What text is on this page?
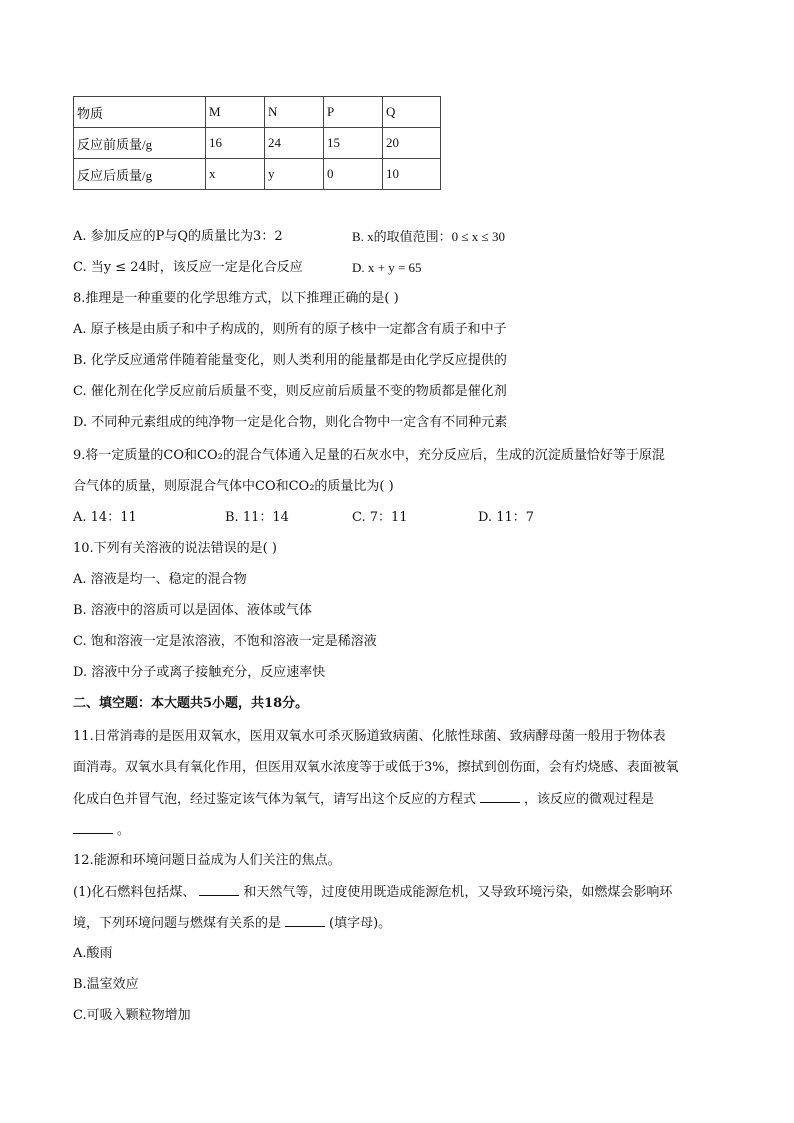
物质	M	N	P	Q
反应前质量/g	16	24	15	20
反应后质量/g	x	y	0	10
A. 参加反应的P与Q的质量比为3：2	B. x的取值范围：0 ≤ x ≤ 30
C. 当y ≤ 24时，该反应一定是化合反应	D. x + y = 65
8.推理是一种重要的化学思维方式，以下推理正确的是( )
A. 原子核是由质子和中子构成的，则所有的原子核中一定都含有质子和中子
B. 化学反应通常伴随着能量变化，则人类利用的能量都是由化学反应提供的
C. 催化剂在化学反应前后质量不变，则反应前后质量不变的物质都是催化剂
D. 不同种元素组成的纯净物一定是化合物，则化合物中一定含有不同种元素
9.将一定质量的CO和CO₂的混合气体通入足量的石灰水中，充分反应后，生成的沉淀质量恰好等于原混
合气体的质量，则原混合气体中CO和CO₂的质量比为( )
A. 14：11	B. 11：14	C. 7：11	D. 11：7
10.下列有关溶液的说法错误的是( )
A. 溶液是均一、稳定的混合物
B. 溶液中的溶质可以是固体、液体或气体
C. 饱和溶液一定是浓溶液，不饱和溶液一定是稀溶液
D. 溶液中分子或离子接触充分，反应速率快
二、填空题：本大题共5小题，共18分。
11.日常消毒的是医用双氧水，医用双氧水可杀灭肠道致病菌、化脓性球菌、致病酵母菌一般用于物体表
面消毒。双氧水具有氧化作用，但医用双氧水浓度等于或低于3%，擦拭到创伤面，会有灼烧感、表面被氧
化成白色并冒气泡，经过鉴定该气体为氧气，请写出这个反应的方程式	，该反应的微观过程是
。
12.能源和环境问题日益成为人们关注的焦点。
(1)化石燃料包括煤、	和天然气等，过度使用既造成能源危机，又导致环境污染，如燃煤会影响环
境，下列环境问题与燃煤有关系的是	(填字母)。
A.酸雨
B.温室效应
C.可吸入颗粒物增加
